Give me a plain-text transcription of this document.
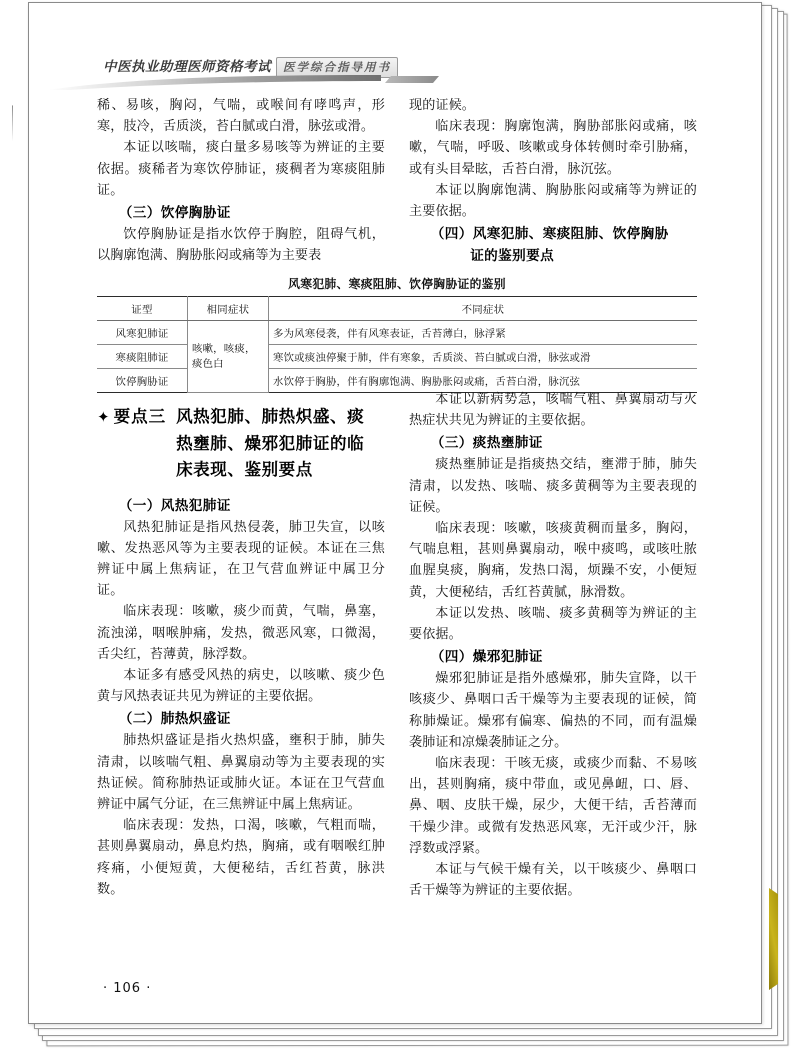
中医执业助理医师资格考试 医学综合指导用书

稀、易咳，胸闷，气喘，或喉间有哮鸣声，形寒，肢冷，舌质淡，苔白腻或白滑，脉弦或滑。

本证以咳喘，痰白量多易咳等为辨证的主要依据。痰稀者为寒饮停肺证，痰稠者为寒痰阻肺证。

（三）饮停胸胁证

饮停胸胁证是指水饮停于胸腔，阻碍气机，以胸廓饱满、胸胁胀闷或痛等为主要表

现的证候。

临床表现：胸廓饱满，胸胁部胀闷或痛，咳嗽，气喘，呼吸、咳嗽或身体转侧时牵引胁痛，或有头目晕眩，舌苔白滑，脉沉弦。

本证以胸廓饱满、胸胁胀闷或痛等为辨证的主要依据。

（四）风寒犯肺、寒痰阻肺、饮停胸胁
证的鉴别要点
风寒犯肺、寒痰阻肺、饮停胸胁证的鉴别
证型	相同症状	不同症状
风寒犯肺证	咳嗽，咳痰，痰色白	多为风寒侵袭，伴有风寒表证，舌苔薄白，脉浮紧
寒痰阻肺证		寒饮或痰浊停聚于肺，伴有寒象，舌质淡、苔白腻或白滑，脉弦或滑
饮停胸胁证		水饮停于胸胁，伴有胸廓饱满、胸胁胀闷或痛，舌苔白滑，脉沉弦
✦ 要点三 风热犯肺、肺热炽盛、痰
热壅肺、燥邪犯肺证的临
床表现、鉴别要点
（一）风热犯肺证

风热犯肺证是指风热侵袭，肺卫失宣，以咳嗽、发热恶风等为主要表现的证候。本证在三焦辨证中属上焦病证，在卫气营血辨证中属卫分证。

临床表现：咳嗽，痰少而黄，气喘，鼻塞，流浊涕，咽喉肿痛，发热，微恶风寒，口微渴，舌尖红，苔薄黄，脉浮数。

本证多有感受风热的病史，以咳嗽、痰少色黄与风热表证共见为辨证的主要依据。

（二）肺热炽盛证

肺热炽盛证是指火热炽盛，壅积于肺，肺失清肃，以咳喘气粗、鼻翼扇动等为主要表现的实热证候。简称肺热证或肺火证。本证在卫气营血辨证中属气分证，在三焦辨证中属上焦病证。

临床表现：发热，口渴，咳嗽，气粗而喘，甚则鼻翼扇动，鼻息灼热，胸痛，或有咽喉红肿疼痛，小便短黄，大便秘结，舌红苔黄，脉洪数。

本证以新病势急，咳喘气粗、鼻翼扇动与火热症状共见为辨证的主要依据。

（三）痰热壅肺证

痰热壅肺证是指痰热交结，壅滞于肺，肺失清肃，以发热、咳喘、痰多黄稠等为主要表现的证候。

临床表现：咳嗽，咳痰黄稠而量多，胸闷，气喘息粗，甚则鼻翼扇动，喉中痰鸣，或咳吐脓血腥臭痰，胸痛，发热口渴，烦躁不安，小便短黄，大便秘结，舌红苔黄腻，脉滑数。

本证以发热、咳喘、痰多黄稠等为辨证的主要依据。

（四）燥邪犯肺证

燥邪犯肺证是指外感燥邪，肺失宣降，以干咳痰少、鼻咽口舌干燥等为主要表现的证候，简称肺燥证。燥邪有偏寒、偏热的不同，而有温燥袭肺证和凉燥袭肺证之分。

临床表现：干咳无痰，或痰少而黏、不易咳出，甚则胸痛，痰中带血，或见鼻衄，口、唇、鼻、咽、皮肤干燥，尿少，大便干结，舌苔薄而干燥少津。或微有发热恶风寒，无汗或少汗，脉浮数或浮紧。

本证与气候干燥有关，以干咳痰少、鼻咽口舌干燥等为辨证的主要依据。

· 106 ·
